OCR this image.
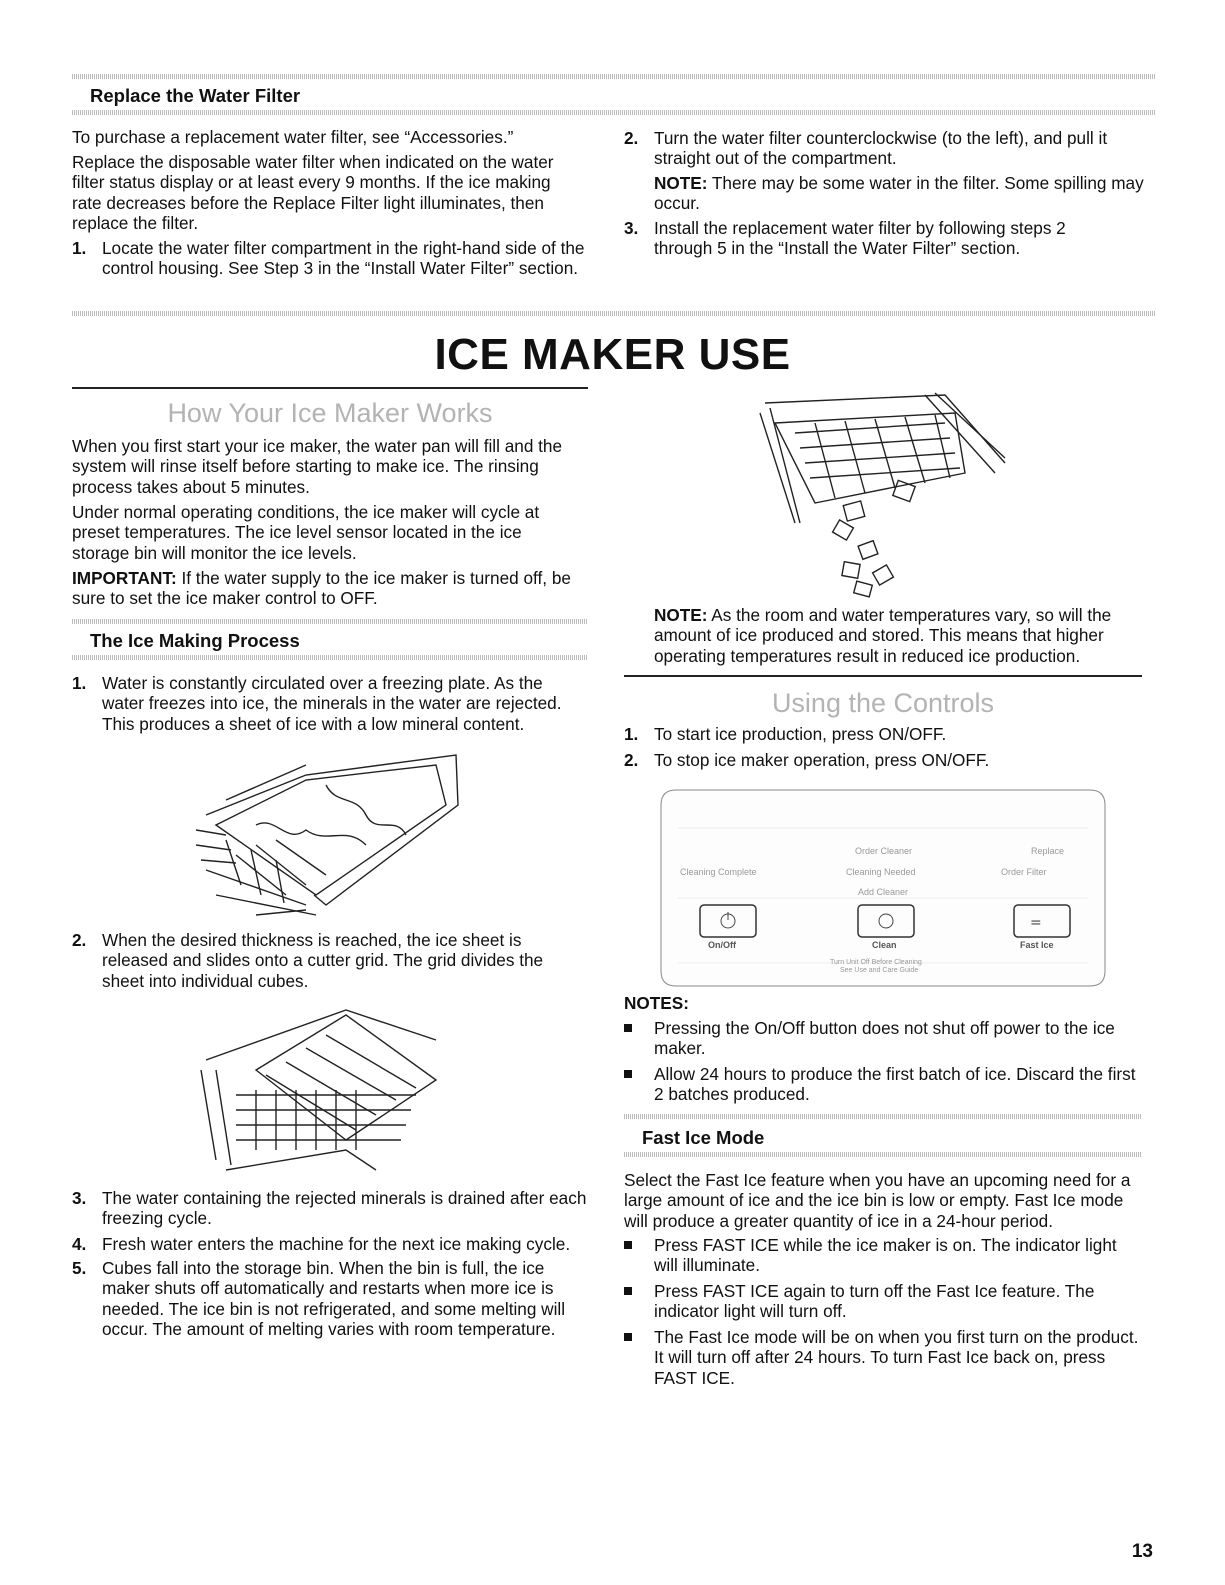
Replace the Water Filter

To purchase a replacement water filter, see “Accessories.”

Replace the disposable water filter when indicated on the water filter status display or at least every 9 months. If the ice making rate decreases before the Replace Filter light illuminates, then replace the filter.

1. Locate the water filter compartment in the right-hand side of the control housing. See Step 3 in the “Install Water Filter” section.

2. Turn the water filter counterclockwise (to the left), and pull it straight out of the compartment.

NOTE: There may be some water in the filter. Some spilling may occur.

3. Install the replacement water filter by following steps 2 through 5 in the “Install the Water Filter” section.

ICE MAKER USE
How Your Ice Maker Works

When you first start your ice maker, the water pan will fill and the system will rinse itself before starting to make ice. The rinsing process takes about 5 minutes.

Under normal operating conditions, the ice maker will cycle at preset temperatures. The ice level sensor located in the ice storage bin will monitor the ice levels.

IMPORTANT: If the water supply to the ice maker is turned off, be sure to set the ice maker control to OFF.

The Ice Making Process
1. Water is constantly circulated over a freezing plate. As the water freezes into ice, the minerals in the water are rejected. This produces a sheet of ice with a low mineral content.

2. When the desired thickness is reached, the ice sheet is released and slides onto a cutter grid. The grid divides the sheet into individual cubes.

3. The water containing the rejected minerals is drained after each freezing cycle.

4. Fresh water enters the machine for the next ice making cycle.

5. Cubes fall into the storage bin. When the bin is full, the ice maker shuts off automatically and restarts when more ice is needed. The ice bin is not refrigerated, and some melting will occur. The amount of melting varies with room temperature.

NOTE: As the room and water temperatures vary, so will the amount of ice produced and stored. This means that higher operating temperatures result in reduced ice production.

Using the Controls
1. To start ice production, press ON/OFF.

2. To stop ice maker operation, press ON/OFF.

Cleaning Complete
Order Cleaner
Cleaning Needed
Add Cleaner
Replace
Order Filter
=
On/Off	Clean	Fast Ice
Turn Unit Off Before Cleaning
See Use and Care Guide
NOTES:

Pressing the On/Off button does not shut off power to the ice maker.

Allow 24 hours to produce the first batch of ice. Discard the first 2 batches produced.

Fast Ice Mode

Select the Fast Ice feature when you have an upcoming need for a large amount of ice and the ice bin is low or empty. Fast Ice mode will produce a greater quantity of ice in a 24-hour period.

Press FAST ICE while the ice maker is on. The indicator light will illuminate.

Press FAST ICE again to turn off the Fast Ice feature. The indicator light will turn off.

The Fast Ice mode will be on when you first turn on the product. It will turn off after 24 hours. To turn Fast Ice back on, press FAST ICE.

13
